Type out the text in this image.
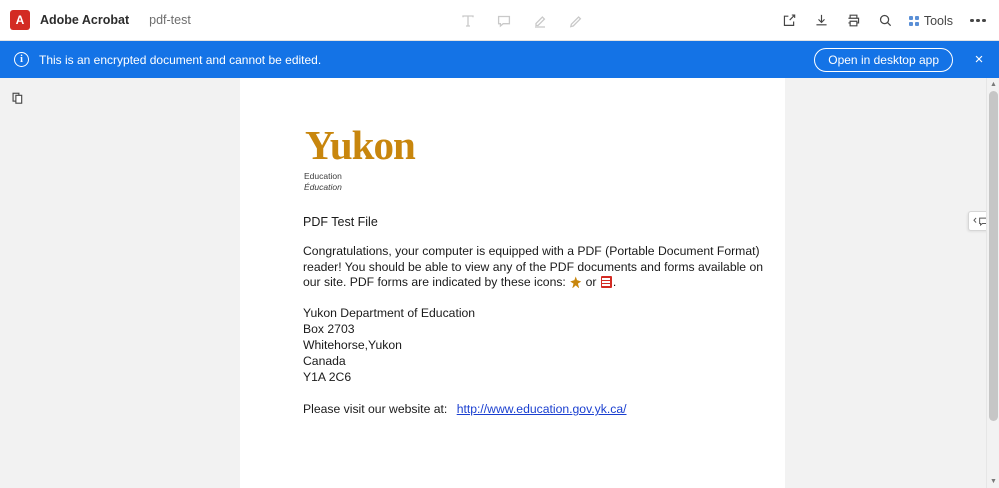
A Adobe Acrobat pdf-test	Tools
i	This is an encrypted document and cannot be edited.	Open in desktop app	×
Yukon
Education
Éducation
PDF Test File
Congratulations, your computer is equipped with a PDF (Portable Document Format) reader! You should be able to view any of the PDF documents and forms available on our site. PDF forms are indicated by these icons: or .
Yukon Department of Education
Box 2703
Whitehorse,Yukon
Canada
Y1A 2C6
Please visit our website at: http://www.education.gov.yk.ca/
▲
▼
